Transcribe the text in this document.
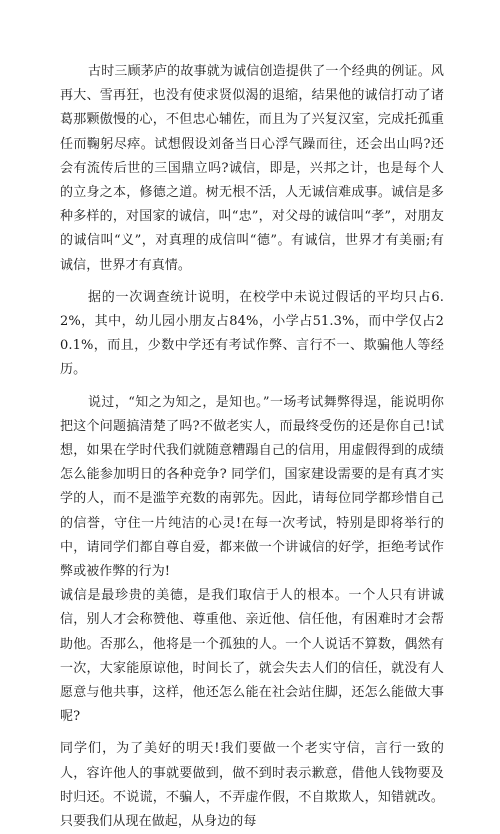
古时三顾茅庐的故事就为诚信创造提供了一个经典的例证。风再大、雪再狂，也没有使求贤似渴的退缩，结果他的诚信打动了诸葛那颗傲慢的心，不但忠心辅佐，而且为了兴复汉室，完成托孤重任而鞠躬尽瘁。试想假设刘备当日心浮气躁而往，还会出山吗?还会有流传后世的三国鼎立吗?诚信，即是，兴邦之计，也是每个人的立身之本，修德之道。树无根不活，人无诚信难成事。诚信是多种多样的，对国家的诚信，叫“忠”，对父母的诚信叫“孝”，对朋友的诚信叫“义”，对真理的成信叫“德”。有诚信，世界才有美丽;有诚信，世界才有真情。

据的一次调查统计说明，在校学中未说过假话的平均只占6.2%，其中，幼儿园小朋友占84%，小学占51.3%，而中学仅占20.1%，而且，少数中学还有考试作弊、言行不一、欺骗他人等经历。

说过，“知之为知之，是知也。”一场考试舞弊得逞，能说明你把这个问题搞清楚了吗?不做老实人，而最终受伤的还是你自己!试想，如果在学时代我们就随意糟蹋自己的信用，用虚假得到的成绩怎么能参加明日的各种竞争? 同学们，国家建设需要的是有真才实学的人，而不是滥竽充数的南郭先。因此，请每位同学都珍惜自己的信誉，守住一片纯洁的心灵!在每一次考试，特别是即将举行的中，请同学们都自尊自爱，都来做一个讲诚信的好学，拒绝考试作弊或被作弊的行为!

诚信是最珍贵的美德，是我们取信于人的根本。一个人只有讲诚信，别人才会称赞他、尊重他、亲近他、信任他，有困难时才会帮助他。否那么，他将是一个孤独的人。一个人说话不算数，偶然有一次，大家能原谅他，时间长了，就会失去人们的信任，就没有人愿意与他共事，这样，他还怎么能在社会站住脚，还怎么能做大事呢?

同学们，为了美好的明天!我们要做一个老实守信，言行一致的人，容许他人的事就要做到，做不到时表示歉意，借他人钱物要及时归还。不说谎，不骗人，不弄虚作假，不自欺欺人，知错就改。只要我们从现在做起，从身边的每
